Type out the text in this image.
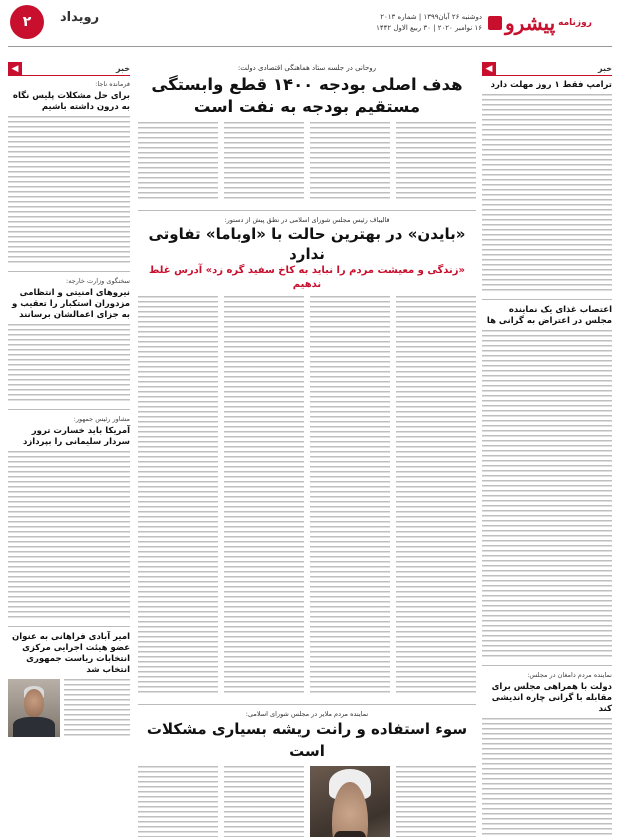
روزنامه
پیشرو
دوشنبه ۲۶ آبان۱۳۹۹ | شماره ۲۰۱۳
۱۶ نوامبر ۲۰۲۰ | ۳۰ ربیع الاول ۱۴۴۲
رویداد
۲
خبر
◀
ترامپ فقط ۱ روز مهلت دارد
اعتصاب غذای یک نماینده مجلس در اعتراض به گرانی ها
نماینده مردم دامغان در مجلس:
دولت با همراهی مجلس برای مقابله با گرانی چاره اندیشی کند
خبر
◀
فرمانده ناجا:
برای حل مشکلات پلیس نگاه به درون داشته باشیم
سخنگوی وزارت خارجه:
نیروهای امنیتی و انتظامی مزدوران استکبار را تعقیب و به جزای اعمالشان برسانند
مشاور رئیس جمهور:
آمریکا باید خسارت ترور سردار سلیمانی را بپردازد
امیر آبادی فراهانی به عنوان عضو هیئت اجرایی مرکزی انتخابات ریاست جمهوری انتخاب شد
روحانی در جلسه ستاد هماهنگی اقتصادی دولت:
هدف اصلی بودجه ۱۴۰۰ قطع وابستگی مستقیم بودجه به نفت است
قالیباف رئیس مجلس شورای اسلامی در نطق پیش از دستور:
«بایدن» در بهترین حالت با «اوباما» تفاوتی ندارد
«زندگی و معیشت مردم را نباید به کاخ سفید گره زد» آدرس غلط ندهیم
نماینده مردم ملایر در مجلس شورای اسلامی:
سوء استفاده و رانت ریشه بسیاری مشکلات است
